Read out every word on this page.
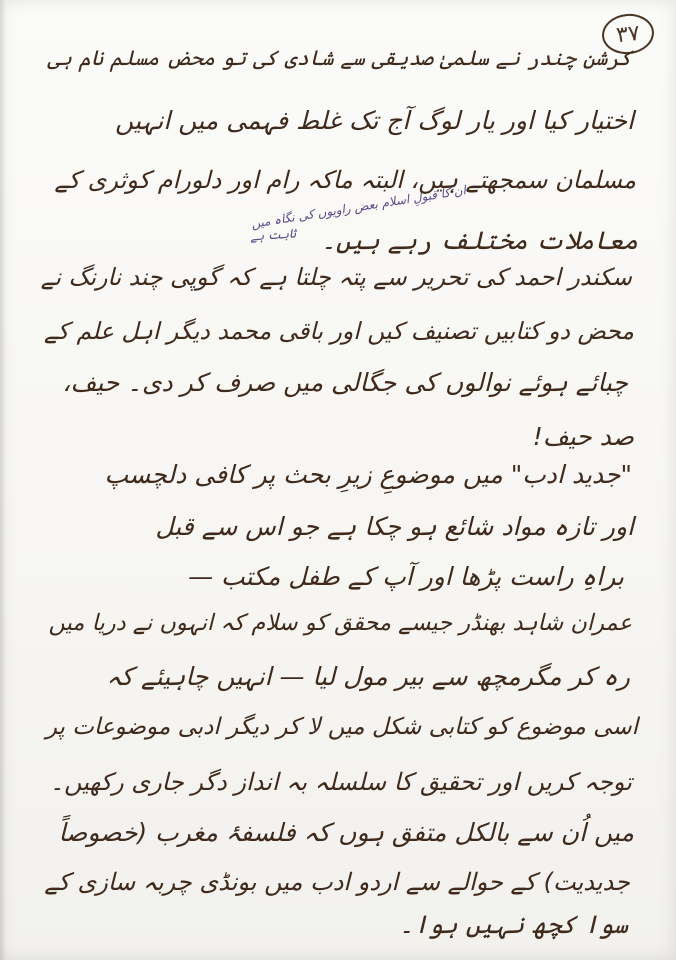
۳۷
ان کا قبولِ اسلام بعض راویوں کی نگاہ میں
ثابت ہے
کرشن چندر نے سلمیٰ صدیقی سے شادی کی تو محض مسلم نام ہی
اختیار کیا اور یار لوگ آج تک غلط فہمی میں انہیں
مسلمان سمجھتے ہیں، البتہ ماکہ رام اور دلورام کوثری کے
معاملات مختلف رہے ہیں۔
سکندر احمد کی تحریر سے پتہ چلتا ہے کہ گوپی چند نارنگ نے
محض دو کتابیں تصنیف کیں اور باقی محمد دیگر اہل علم کے
چبائے ہوئے نوالوں کی جگالی میں صرف کر دی۔ حیف،
صد حیف!
"جدید ادب" میں موضوعِ زیرِ بحث پر کافی دلچسپ
اور تازہ مواد شائع ہو چکا ہے جو اس سے قبل
براہِ راست پڑھا اور آپ کے طفل مکتب —
عمران شاہد بھنڈر جیسے محقق کو سلام کہ انہوں نے دریا میں
رہ کر مگرمچھ سے بیر مول لیا — انہیں چاہیئے کہ
اسی موضوع کو کتابی شکل میں لا کر دیگر ادبی موضوعات پر
توجہ کریں اور تحقیق کا سلسلہ بہ انداز دگر جاری رکھیں۔
میں اُن سے بالکل متفق ہوں کہ فلسفۂ مغرب (خصوصاً
جدیدیت) کے حوالے سے اردو ادب میں بونڈی چربہ سازی کے
سوا کچھ نہیں ہوا۔
